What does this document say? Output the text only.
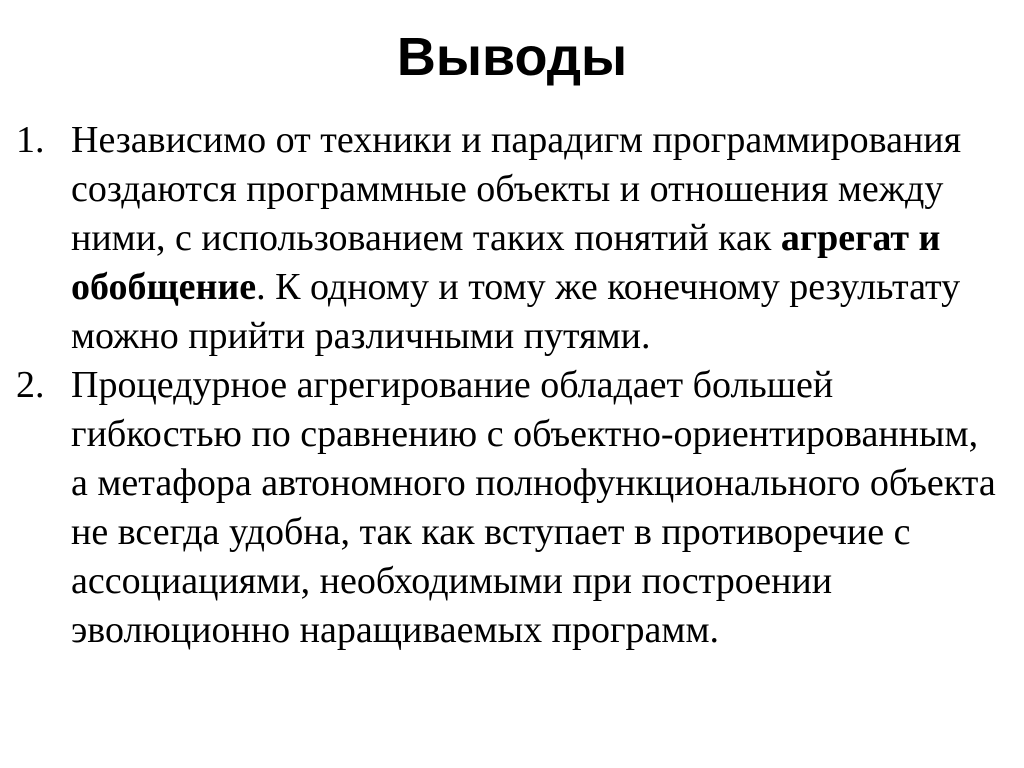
Выводы
1. Независимо от техники и парадигм программирования создаются программные объекты и отношения между ними, с использованием таких понятий как агрегат и обобщение. К одному и тому же конечному результату можно прийти различными путями.
2. Процедурное агрегирование обладает большей гибкостью по сравнению с объектно-ориентированным, а метафора автономного полнофункционального объекта не всегда удобна, так как вступает в противоречие с ассоциациями, необходимыми при построении эволюционно наращиваемых программ.
